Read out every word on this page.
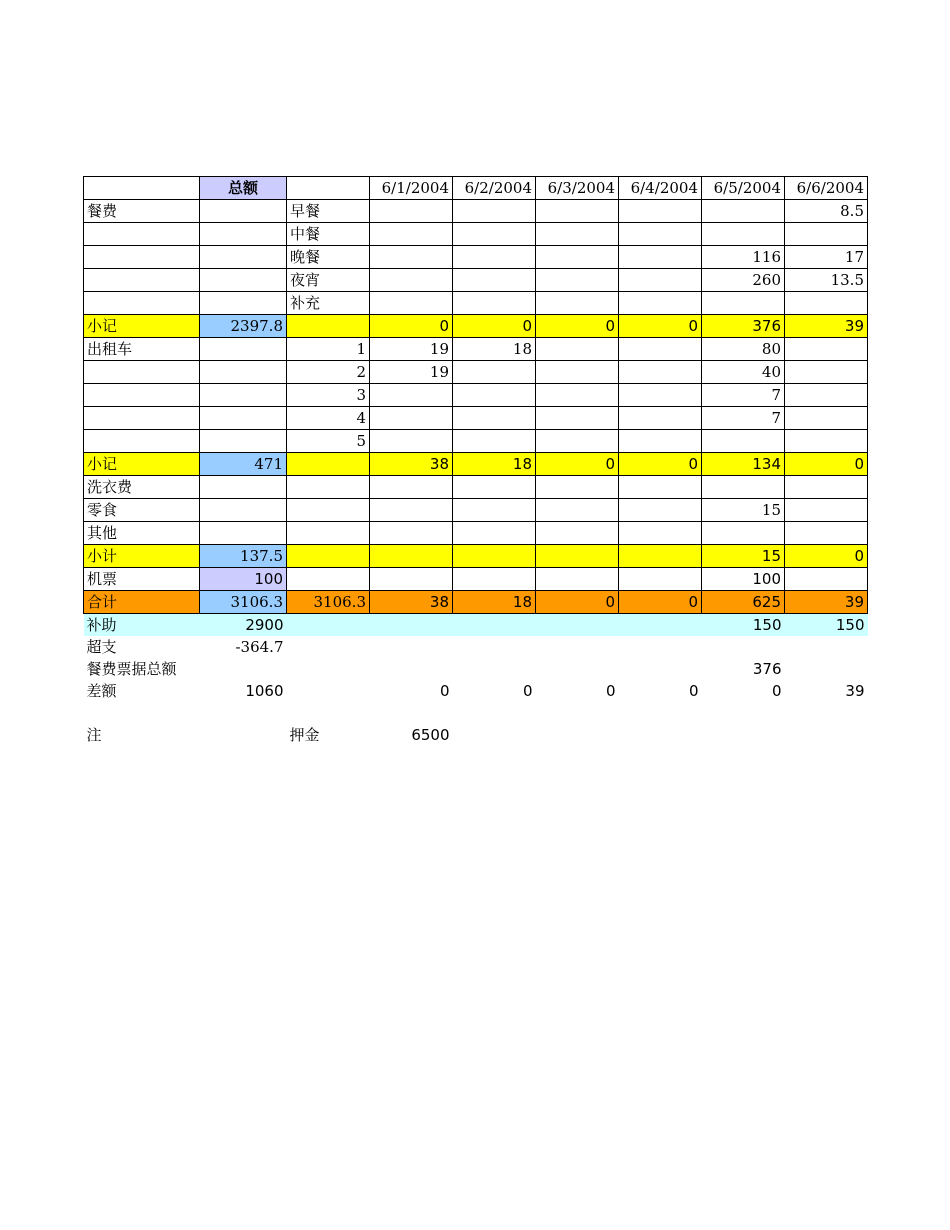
	总额		6/1/2004	6/2/2004	6/3/2004	6/4/2004	6/5/2004	6/6/2004
餐费		早餐						8.5
		中餐						
		晚餐					116	17
		夜宵					260	13.5
		补充						
小记	2397.8		0	0	0	0	376	39
出租车		1	19	18			80	
		2	19				40	
		3					7	
		4					7	
		5						
小记	471		38	18	0	0	134	0
洗衣费								
零食							15	
其他								
小计	137.5						15	0
机票	100						100	
合计	3106.3	3106.3	38	18	0	0	625	39
补助	2900						150	150
超支	-364.7							
餐费票据总额							376	
差额	1060		0	0	0	0	0	39

注		押金	6500					
